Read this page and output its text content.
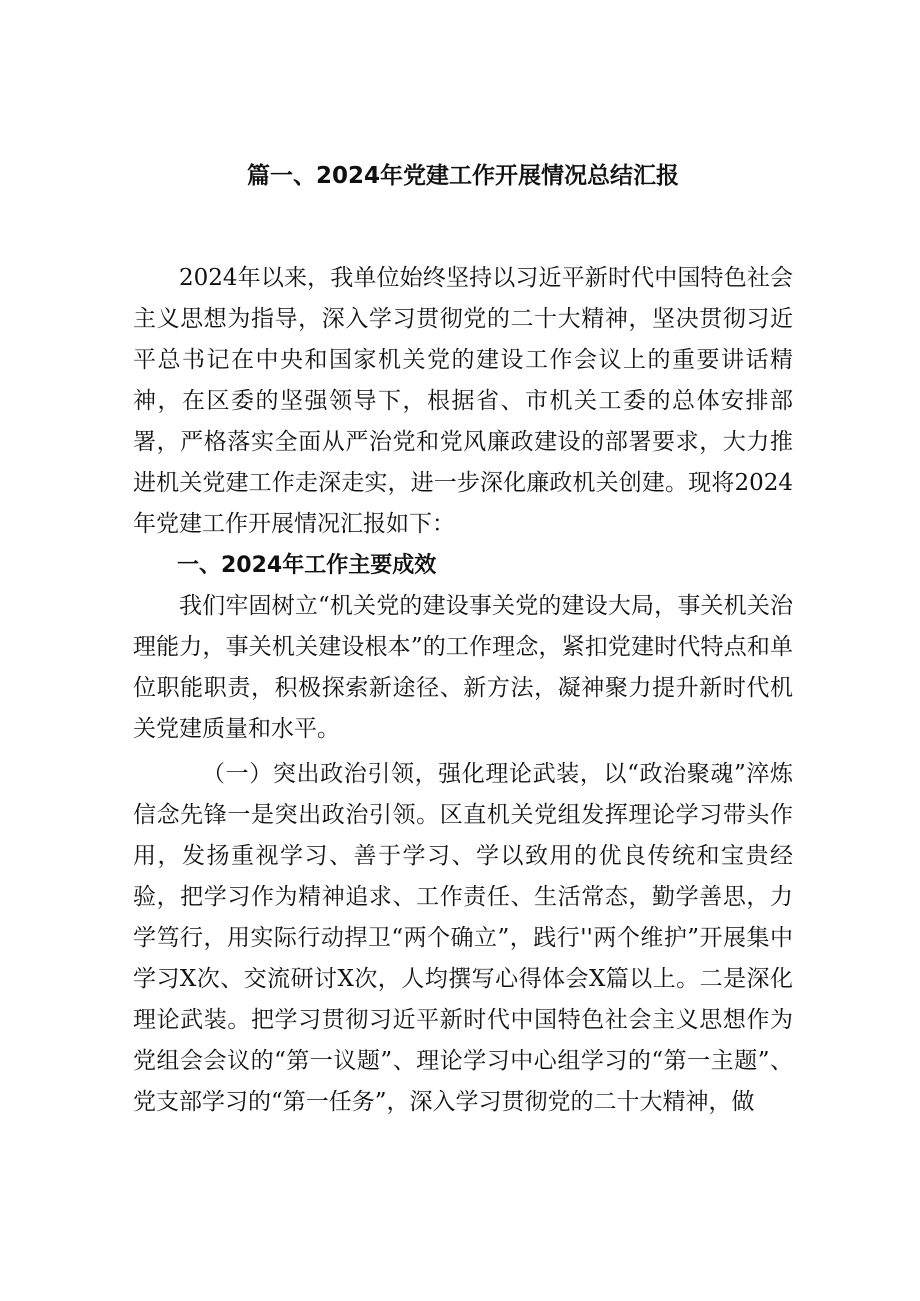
篇一、2024年党建工作开展情况总结汇报

2024年以来，我单位始终坚持以习近平新时代中国特色社会主义思想为指导，深入学习贯彻党的二十大精神，坚决贯彻习近平总书记在中央和国家机关党的建设工作会议上的重要讲话精神，在区委的坚强领导下，根据省、市机关工委的总体安排部署，严格落实全面从严治党和党风廉政建设的部署要求，大力推进机关党建工作走深走实，进一步深化廉政机关创建。现将2024年党建工作开展情况汇报如下：

一、2024年工作主要成效

我们牢固树立“机关党的建设事关党的建设大局，事关机关治理能力，事关机关建设根本”的工作理念，紧扣党建时代特点和单位职能职责，积极探索新途径、新方法，凝神聚力提升新时代机关党建质量和水平。

（一）突出政治引领，强化理论武装，以“政治聚魂”淬炼信念先锋一是突出政治引领。区直机关党组发挥理论学习带头作用，发扬重视学习、善于学习、学以致用的优良传统和宝贵经验，把学习作为精神追求、工作责任、生活常态，勤学善思，力学笃行，用实际行动捍卫“两个确立”，践行''两个维护”开展集中学习X次、交流研讨X次，人均撰写心得体会X篇以上。二是深化理论武装。把学习贯彻习近平新时代中国特色社会主义思想作为党组会会议的“第一议题”、理论学习中心组学习的“第一主题”、党支部学习的“第一任务”，深入学习贯彻党的二十大精神，做
